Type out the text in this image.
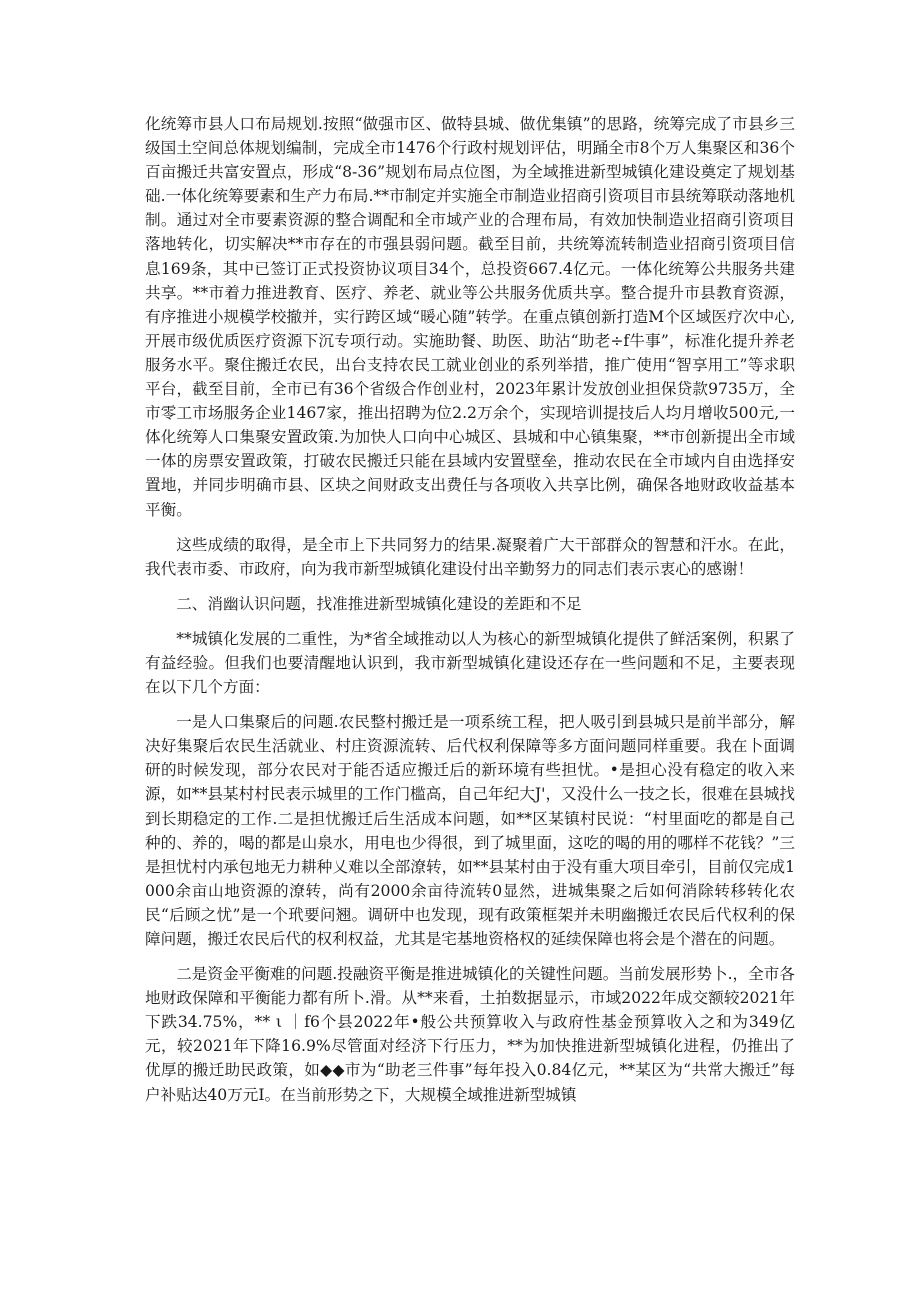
化统筹市县人口布局规划.按照“做强市区、做特县城、做优集镇”的思路，统筹完成了市县乡三级国土空间总体规划编制，完成全市1476个行政村规划评估，明踊全市8个万人集聚区和36个百亩搬迁共富安置点，形成“8-36”规划布局点位图，为全域推进新型城镇化建设奠定了规划基础.一体化统筹要素和生产力布局.**市制定并实施全市制造业招商引资项目市县统筹联动落地机制。通过对全市要素资源的整合调配和全市域产业的合理布局，有效加快制造业招商引资项目落地转化，切实解决**市存在的市强县弱问题。截至目前，共统筹流转制造业招商引资项目信息169条，其中已签订正式投资协议项目34个，总投资667.4亿元。一体化统筹公共服务共建共享。**市着力推进教育、医疗、养老、就业等公共服务优质共享。整合提升市县教育资源，有序推进小规模学校撤并，实行跨区域“暖心随”转学。在重点镇创新打造M个区域医疗次中心,开展市级优质医疗资源下沉专项行动。实施助餐、助医、助沾“助老÷f牛事”，标准化提升养老服务水平。聚住搬迁农民，出台支持农民工就业创业的系列举措，推广使用“智享用工”等求职平台，截至目前，全市已有36个省级合作创业村，2023年累计发放创业担保贷款9735万，全市零工市场服务企业1467家，推出招聘为位2.2万余个，实现培训提技后人均月增收500元,一体化统筹人口集聚安置政策.为加快人口向中心城区、县城和中心镇集聚，**市创新提出全市域一体的房票安置政策，打破农民搬迁只能在县域内安置壁垒，推动农民在全市域内自由选择安置地，并同步明确市县、区块之间财政支出费任与各项收入共享比例，确保各地财政收益基本平衡。

这些成绩的取得，是全市上下共同努力的结果.凝聚着广大干部群众的智慧和汗水。在此，我代表市委、市政府，向为我市新型城镇化建设付出辛勤努力的同志们表示衷心的感谢！

二、消幽认识问题，找准推进新型城镇化建设的差距和不足

**城镇化发展的二重性，为*省全域推动以人为核心的新型城镇化提供了鲜活案例，积累了有益经验。但我们也要清醒地认识到，我市新型城镇化建设还存在一些问题和不足，主要表现在以下几个方面：

一是人口集聚后的问题.农民整村搬迁是一项系统工程，把人吸引到县城只是前半部分，解决好集聚后农民生活就业、村庄资源流转、后代权利保障等多方面问题同样重要。我在卜面调研的时候发现，部分农民对于能否适应搬迁后的新环境有些担忧。•是担心没有稳定的收入来源，如**县某村村民表示城里的工作门槛高，自己年纪大J'，又没什么一技之长，很难在县城找到长期稳定的工作.二是担忧搬迁后生活成本问题，如**区某镇村民说：“村里面吃的都是自己种的、养的，喝的都是山泉水，用电也少得很，到了城里面，这吃的喝的用的哪样不花钱？”三是担忧村内承包地无力耕种乂难以全部潦转，如**县某村由于没有重大项目牵引，目前仅完成1000余亩山地资源的潦转，尚有2000余亩待流转0显然，进城集聚之后如何消除转移转化农民“后顾之忧”是一个玳要问翘。调研中也发现，现有政策框架并未明幽搬迁农民后代权利的保障问题，搬迁农民后代的权利权益，尤其是宅基地资格权的延续保障也将会是个潜在的问题。

二是资金平衡难的问题.投融资平衡是推进城镇化的关键性问题。当前发展形势卜.，全市各地财政保障和平衡能力都有所卜.滑。从**来看，土拍数据显示，市域2022年成交额较2021年下跌34.75%，** ι ｜f6个县2022年•般公共预算收入与政府性基金预算收入之和为349亿元，较2021年下降16.9%尽管面对经济下行压力，**为加快推进新型城镇化进程，仍推出了优厚的搬迁助民政策，如◆◆市为“助老三件事”每年投入0.84亿元，**某区为“共常大搬迁”每户补贴达40万元I。在当前形势之下，大规模全域推进新型城镇
